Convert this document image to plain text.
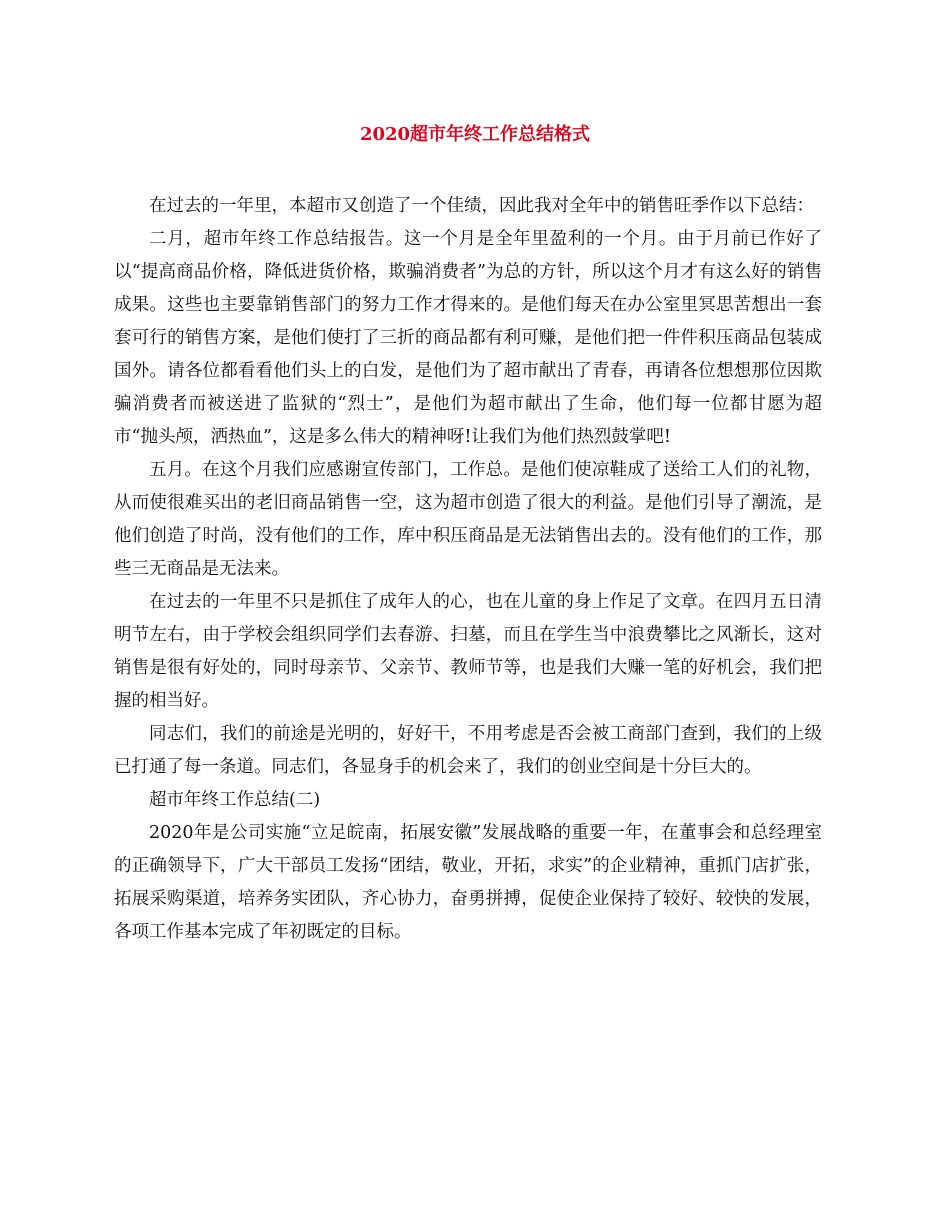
2020超市年终工作总结格式

在过去的一年里，本超市又创造了一个佳绩，因此我对全年中的销售旺季作以下总结：

二月，超市年终工作总结报告。这一个月是全年里盈利的一个月。由于月前已作好了以“提高商品价格，降低进货价格，欺骗消费者”为总的方针，所以这个月才有这么好的销售成果。这些也主要靠销售部门的努力工作才得来的。是他们每天在办公室里冥思苦想出一套套可行的销售方案，是他们使打了三折的商品都有利可赚，是他们把一件件积压商品包装成国外。请各位都看看他们头上的白发，是他们为了超市献出了青春，再请各位想想那位因欺骗消费者而被送进了监狱的“烈士”，是他们为超市献出了生命，他们每一位都甘愿为超市“抛头颅，洒热血”，这是多么伟大的精神呀!让我们为他们热烈鼓掌吧!

五月。在这个月我们应感谢宣传部门，工作总。是他们使凉鞋成了送给工人们的礼物，从而使很难买出的老旧商品销售一空，这为超市创造了很大的利益。是他们引导了潮流，是他们创造了时尚，没有他们的工作，库中积压商品是无法销售出去的。没有他们的工作，那些三无商品是无法来。

在过去的一年里不只是抓住了成年人的心，也在儿童的身上作足了文章。在四月五日清明节左右，由于学校会组织同学们去春游、扫墓，而且在学生当中浪费攀比之风渐长，这对销售是很有好处的，同时母亲节、父亲节、教师节等，也是我们大赚一笔的好机会，我们把握的相当好。

同志们，我们的前途是光明的，好好干，不用考虑是否会被工商部门查到，我们的上级已打通了每一条道。同志们，各显身手的机会来了，我们的创业空间是十分巨大的。

超市年终工作总结(二)

2020年是公司实施“立足皖南，拓展安徽”发展战略的重要一年，在董事会和总经理室的正确领导下，广大干部员工发扬“团结，敬业，开拓，求实”的企业精神，重抓门店扩张，拓展采购渠道，培养务实团队，齐心协力，奋勇拼搏，促使企业保持了较好、较快的发展，各项工作基本完成了年初既定的目标。
